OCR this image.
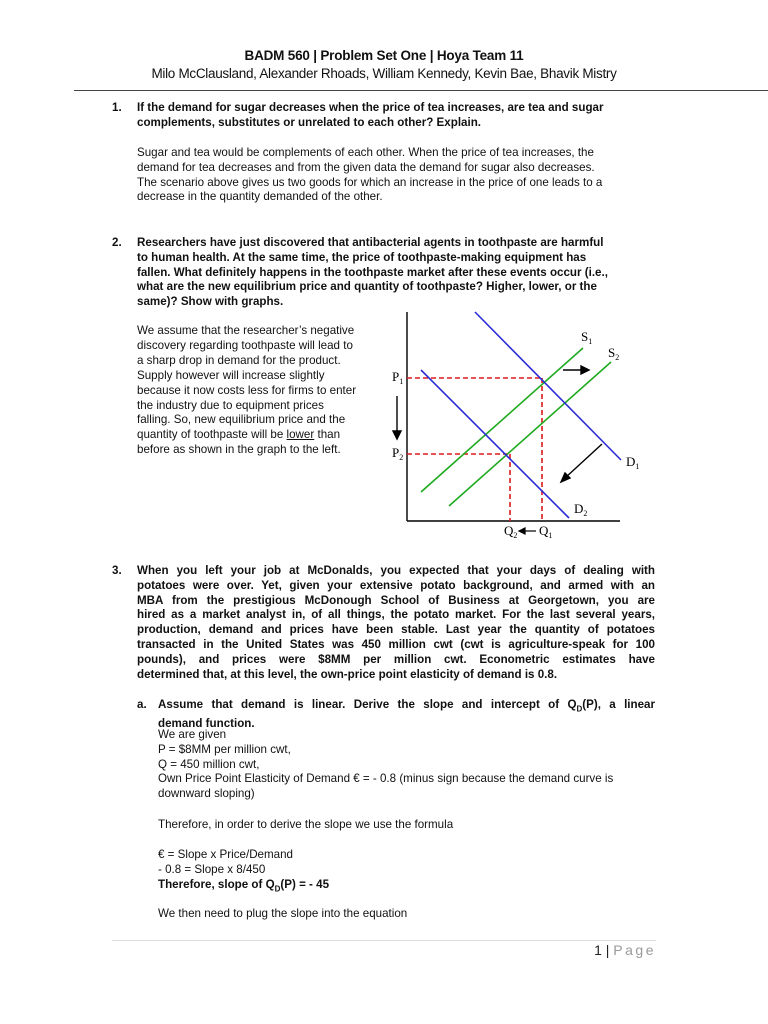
BADM 560 | Problem Set One | Hoya Team 11
Milo McClausland, Alexander Rhoads, William Kennedy, Kevin Bae, Bhavik Mistry
1. If the demand for sugar decreases when the price of tea increases, are tea and sugar
complements, substitutes or unrelated to each other? Explain.
Sugar and tea would be complements of each other. When the price of tea increases, the
demand for tea decreases and from the given data the demand for sugar also decreases.
The scenario above gives us two goods for which an increase in the price of one leads to a
decrease in the quantity demanded of the other.
2. Researchers have just discovered that antibacterial agents in toothpaste are harmful
to human health. At the same time, the price of toothpaste-making equipment has
fallen. What definitely happens in the toothpaste market after these events occur (i.e.,
what are the new equilibrium price and quantity of toothpaste? Higher, lower, or the
same)? Show with graphs.
We assume that the researcher’s negative
discovery regarding toothpaste will lead to
a sharp drop in demand for the product.
Supply however will increase slightly
because it now costs less for firms to enter
the industry due to equipment prices
falling. So, new equilibrium price and the
quantity of toothpaste will be lower than
before as shown in the graph to the left.
$S_1$
$S_2$
$D_1$
$D_2$
$P_1$
$P_2$
$Q_2$ $Q_1$
3. When you left your job at McDonalds, you expected that your days of dealing with
potatoes were over. Yet, given your extensive potato background, and armed with an
MBA from the prestigious McDonough School of Business at Georgetown, you are
hired as a market analyst in, of all things, the potato market. For the last several years,
production, demand and prices have been stable. Last year the quantity of potatoes
transacted in the United States was 450 million cwt (cwt is agriculture-speak for 100
pounds), and prices were $8MM per million cwt. Econometric estimates have
determined that, at this level, the own-price point elasticity of demand is 0.8.
a. Assume that demand is linear. Derive the slope and intercept of $Q_D(P)$, a linear
demand function.
We are given
P = $8MM per million cwt,
Q = 450 million cwt,
Own Price Point Elasticity of Demand € = - 0.8 (minus sign because the demand curve is
downward sloping)
Therefore, in order to derive the slope we use the formula
€ = Slope x Price/Demand
- 0.8 = Slope x 8/450
Therefore, slope of $Q_D(P)$ = - 45
We then need to plug the slope into the equation
1 | Page
